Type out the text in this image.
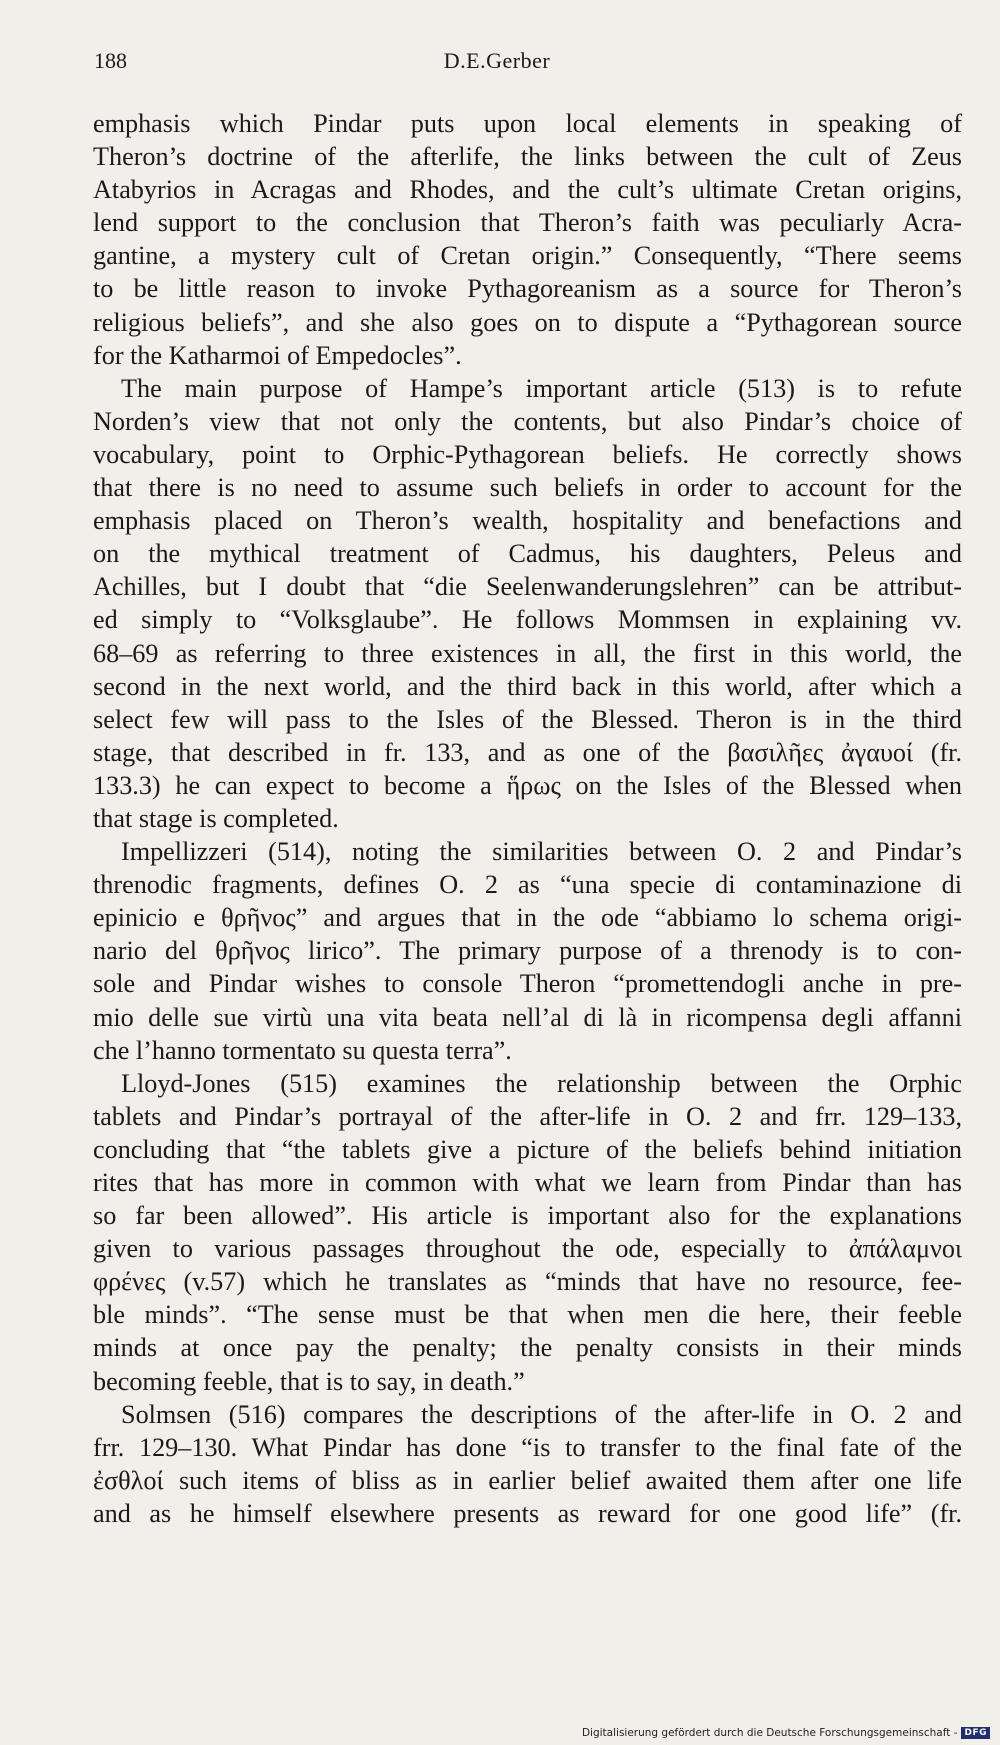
188	D.E.Gerber
emphasis which Pindar puts upon local elements in speaking of
Theron’s doctrine of the afterlife, the links between the cult of Zeus
Atabyrios in Acragas and Rhodes, and the cult’s ultimate Cretan origins,
lend support to the conclusion that Theron’s faith was peculiarly Acra-
gantine, a mystery cult of Cretan origin.” Consequently, “There seems
to be little reason to invoke Pythagoreanism as a source for Theron’s
religious beliefs”, and she also goes on to dispute a “Pythagorean source
for the Katharmoi of Empedocles”.
The main purpose of Hampe’s important article (513) is to refute
Norden’s view that not only the contents, but also Pindar’s choice of
vocabulary, point to Orphic-Pythagorean beliefs. He correctly shows
that there is no need to assume such beliefs in order to account for the
emphasis placed on Theron’s wealth, hospitality and benefactions and
on the mythical treatment of Cadmus, his daughters, Peleus and
Achilles, but I doubt that “die Seelenwanderungslehren” can be attribut-
ed simply to “Volksglaube”. He follows Mommsen in explaining vv.
68–69 as referring to three existences in all, the first in this world, the
second in the next world, and the third back in this world, after which a
select few will pass to the Isles of the Blessed. Theron is in the third
stage, that described in fr. 133, and as one of the βασιλῆες ἀγαυοί (fr.
133.3) he can expect to become a ἥρως on the Isles of the Blessed when
that stage is completed.
Impellizzeri (514), noting the similarities between O. 2 and Pindar’s
threnodic fragments, defines O. 2 as “una specie di contaminazione di
epinicio e θρῆνος” and argues that in the ode “abbiamo lo schema origi-
nario del θρῆνος lirico”. The primary purpose of a threnody is to con-
sole and Pindar wishes to console Theron “promettendogli anche in pre-
mio delle sue virtù una vita beata nell’al di là in ricompensa degli affanni
che l’hanno tormentato su questa terra”.
Lloyd-Jones (515) examines the relationship between the Orphic
tablets and Pindar’s portrayal of the after-life in O. 2 and frr. 129–133,
concluding that “the tablets give a picture of the beliefs behind initiation
rites that has more in common with what we learn from Pindar than has
so far been allowed”. His article is important also for the explanations
given to various passages throughout the ode, especially to ἀπάλαμνοι
φρένες (v.57) which he translates as “minds that have no resource, fee-
ble minds”. “The sense must be that when men die here, their feeble
minds at once pay the penalty; the penalty consists in their minds
becoming feeble, that is to say, in death.”
Solmsen (516) compares the descriptions of the after-life in O. 2 and
frr. 129–130. What Pindar has done “is to transfer to the final fate of the
ἐσθλοί such items of bliss as in earlier belief awaited them after one life
and as he himself elsewhere presents as reward for one good life” (fr.
Digitalisierung gefördert durch die Deutsche Forschungsgemeinschaft - DFG
